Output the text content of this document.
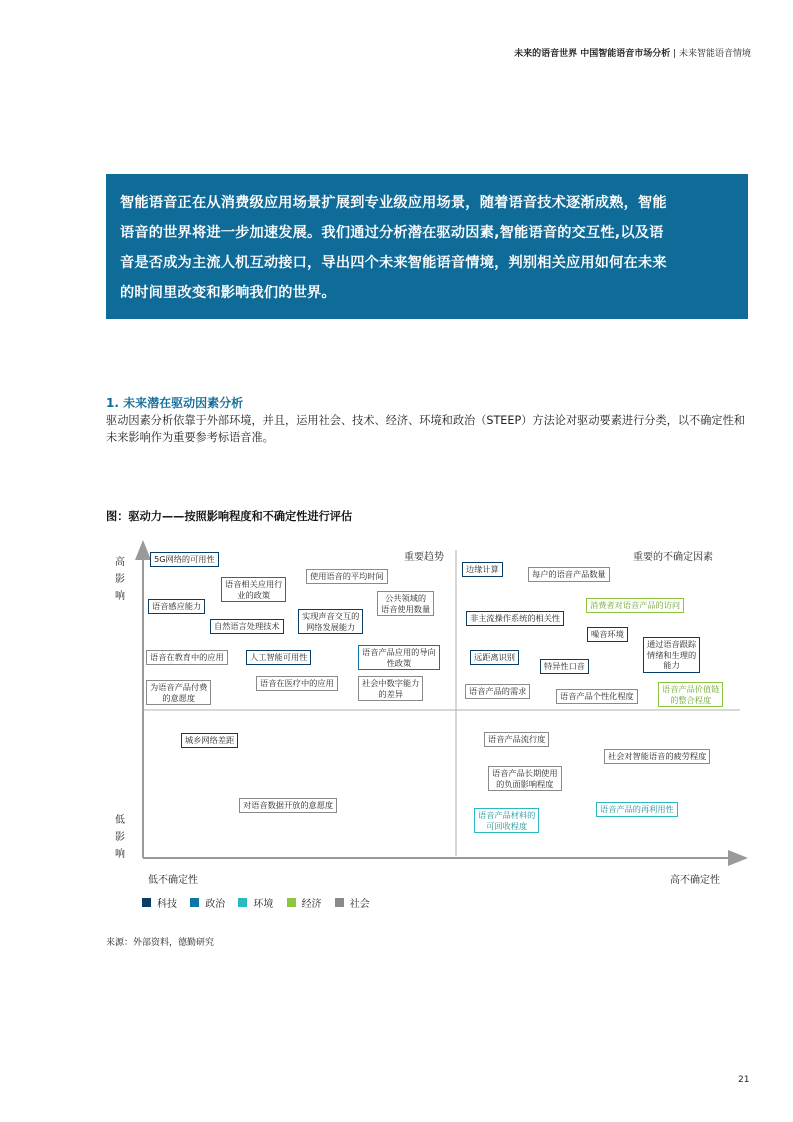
未来的语音世界 中国智能语音市场分析 | 未来智能语音情境
智能语音正在从消费级应用场景扩展到专业级应用场景，随着语音技术逐渐成熟，智能
语音的世界将进一步加速发展。我们通过分析潜在驱动因素,智能语音的交互性,以及语
音是否成为主流人机互动接口，导出四个未来智能语音情境，判别相关应用如何在未来
的时间里改变和影响我们的世界。
1. 未来潜在驱动因素分析
驱动因素分析依靠于外部环境，并且，运用社会、技术、经济、环境和政治（STEEP）方法论对驱动要素进行分类，以不确定性和未来影响作为重要参考标语音准。
图：驱动力——按照影响程度和不确定性进行评估
高
影
响
低
影
响
低不确定性	高不确定性
重要趋势	重要的不确定因素
5G网络的可用性
语音相关应用行
业的政策
使用语音的平均时间
语音感应能力
自然语言处理技术
实现声音交互的
网络发展能力
公共领域的
语音使用数量
语音在教育中的应用	人工智能可用性	语音产品应用的导向
性政策
为语音产品付费
的意愿度
语音在医疗中的应用	社会中数字能力
的差异
边缘计算	每户的语音产品数量
消费者对语音产品的访问
非主流操作系统的相关性
噪音环境
通过语音跟踪
情绪和生理的
能力
远距离识别
特异性口音
语音产品的需求	语音产品个性化程度
语音产品价值链
的整合程度
城乡网络差距	语音产品流行度
社会对智能语音的疲劳程度
语音产品长期使用
的负面影响程度
对语音数据开放的意愿度
语音产品材料的
可回收程度
语音产品的再利用性
科技
	政治
	环境
	经济
	社会
来源：外部资料，德勤研究
21
